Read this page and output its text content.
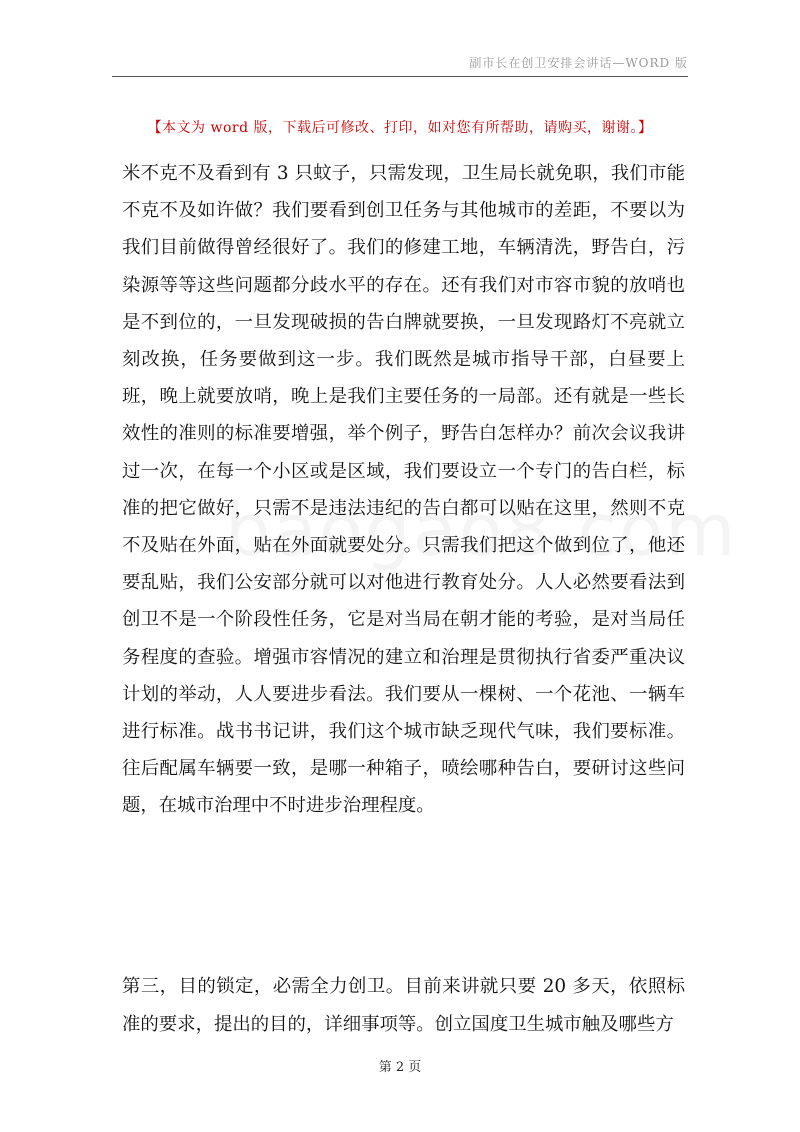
副市长在创卫安排会讲话—WORD 版
【本文为 word 版，下载后可修改、打印，如对您有所帮助，请购买，谢谢。】

米不克不及看到有 3 只蚊子，只需发现，卫生局长就免职，我们市能不克不及如许做？我们要看到创卫任务与其他城市的差距，不要以为我们目前做得曾经很好了。我们的修建工地，车辆清洗，野告白，污染源等等这些问题都分歧水平的存在。还有我们对市容市貌的放哨也是不到位的，一旦发现破损的告白牌就要换，一旦发现路灯不亮就立刻改换，任务要做到这一步。我们既然是城市指导干部，白昼要上班，晚上就要放哨，晚上是我们主要任务的一局部。还有就是一些长效性的准则的标准要增强，举个例子，野告白怎样办？前次会议我讲过一次，在每一个小区或是区域，我们要设立一个专门的告白栏，标准的把它做好，只需不是违法违纪的告白都可以贴在这里，然则不克不及贴在外面，贴在外面就要处分。只需我们把这个做到位了，他还要乱贴，我们公安部分就可以对他进行教育处分。人人必然要看法到创卫不是一个阶段性任务，它是对当局在朝才能的考验，是对当局任务程度的查验。增强市容情况的建立和治理是贯彻执行省委严重决议计划的举动，人人要进步看法。我们要从一棵树、一个花池、一辆车进行标准。战书书记讲，我们这个城市缺乏现代气味，我们要标准。往后配属车辆要一致，是哪一种箱子，喷绘哪种告白，要研讨这些问题，在城市治理中不时进步治理程度。

第三，目的锁定，必需全力创卫。目前来讲就只要 20 多天，依照标准的要求，提出的目的，详细事项等。创立国度卫生城市触及哪些方

第 2 页
